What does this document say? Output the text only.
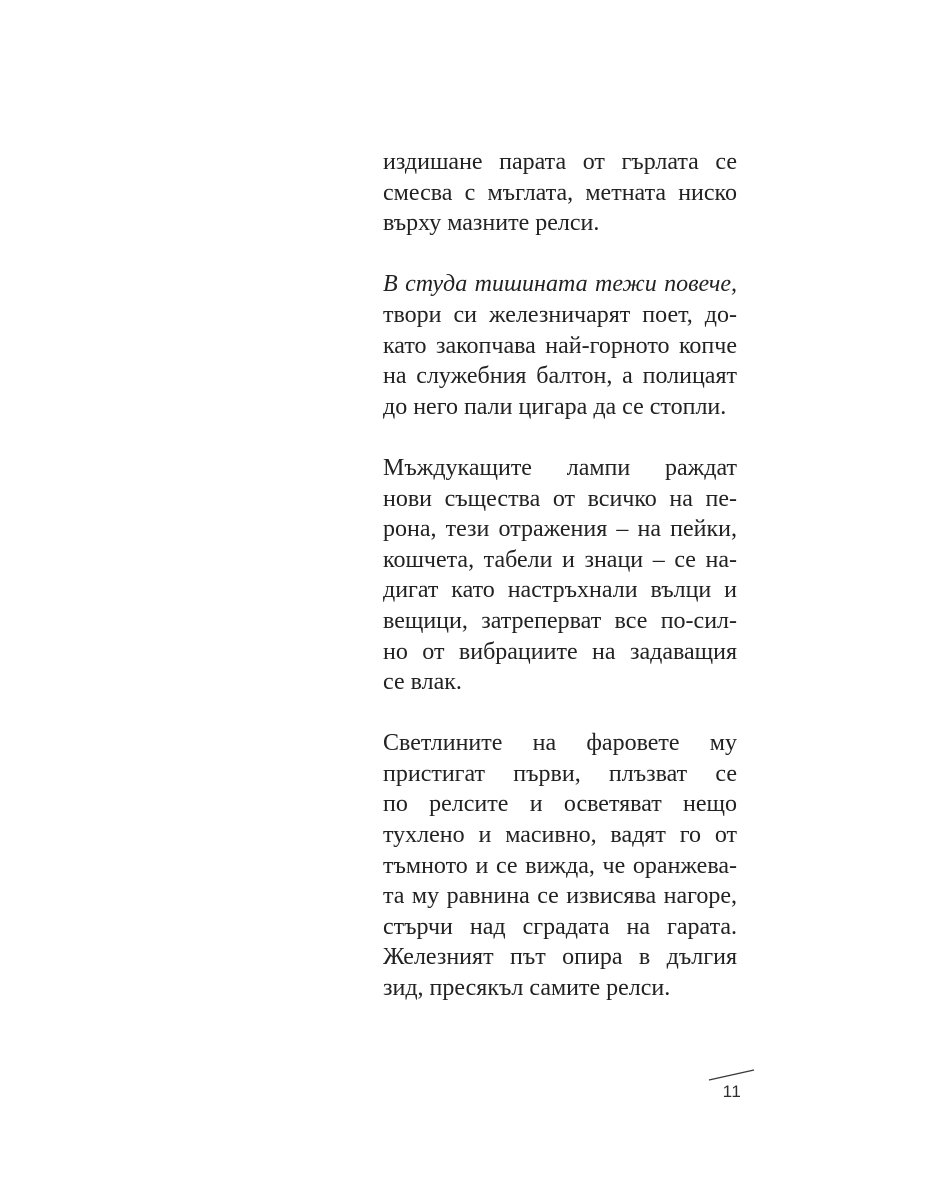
издишане парата от гърлата се
смесва с мъглата, метната ниско
върху мазните релси.
В студа тишината тежи повече,
твори си железничарят поет, до-
като закопчава най-горното копче
на служебния балтон, а полицаят
до него пали цигара да се стопли.
Мъждукащите лампи раждат
нови същества от всичко на пе-
рона, тези отражения – на пейки,
кошчета, табели и знаци – се на-
дигат като настръхнали вълци и
вещици, затреперват все по-сил-
но от вибрациите на задаващия
се влак.
Светлините на фаровете му
пристигат първи, плъзват се
по релсите и осветяват нещо
тухлено и масивно, вадят го от
тъмното и се вижда, че оранжева-
та му равнина се извисява нагоре,
стърчи над сградата на гарата.
Железният път опира в дългия
зид, пресякъл самите релси.
11
